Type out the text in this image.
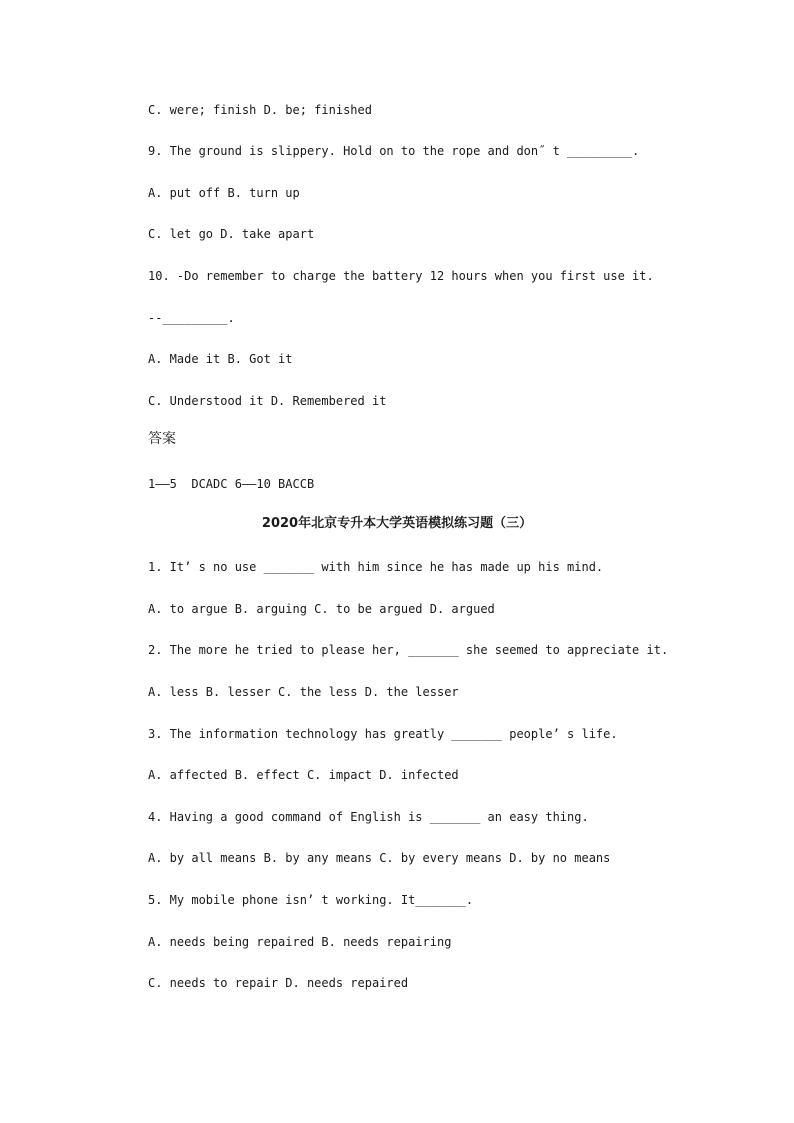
C. were; finish D. be; finished
9. The ground is slippery. Hold on to the rope and don˝ t _________.
A. put off B. turn up
C. let go D. take apart
10. -Do remember to charge the battery 12 hours when you first use it.
--_________.
A. Made it B. Got it
C. Understood it D. Remembered it
答案
1——5  DCADC 6——10 BACCB
2020年北京专升本大学英语模拟练习题（三）
1. It’ s no use _______ with him since he has made up his mind.
A. to argue B. arguing C. to be argued D. argued
2. The more he tried to please her, _______ she seemed to appreciate it.
A. less B. lesser C. the less D. the lesser
3. The information technology has greatly _______ people’ s life.
A. affected B. effect C. impact D. infected
4. Having a good command of English is _______ an easy thing.
A. by all means B. by any means C. by every means D. by no means
5. My mobile phone isn’ t working. It_______.
A. needs being repaired B. needs repairing
C. needs to repair D. needs repaired
